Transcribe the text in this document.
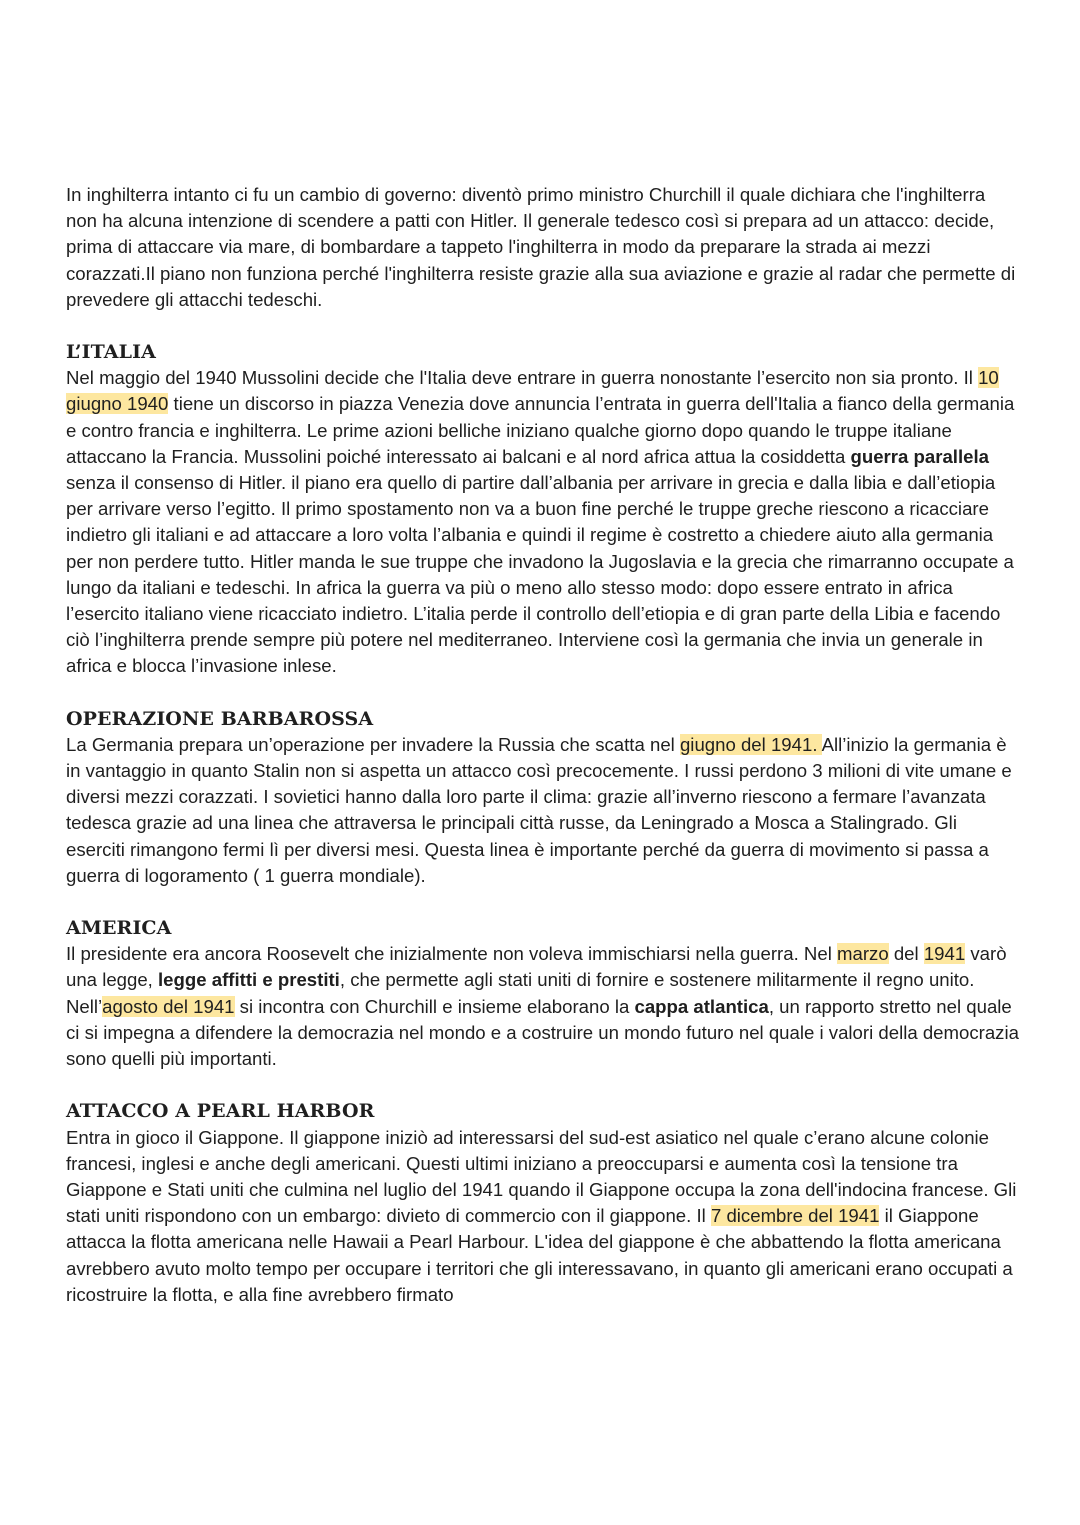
In inghilterra intanto ci fu un cambio di governo: diventò primo ministro Churchill il quale dichiara che l'inghilterra non ha alcuna intenzione di scendere a patti con Hitler. Il generale tedesco così si prepara ad un attacco: decide, prima di attaccare via mare, di bombardare a tappeto l'inghilterra in modo da preparare la strada ai mezzi corazzati.Il piano non funziona perché l'inghilterra resiste grazie alla sua aviazione e grazie al radar che permette di prevedere gli attacchi tedeschi.

L’ITALIA

Nel maggio del 1940 Mussolini decide che l'Italia deve entrare in guerra nonostante l’esercito non sia pronto. Il 10 giugno 1940 tiene un discorso in piazza Venezia dove annuncia l’entrata in guerra dell'Italia a fianco della germania e contro francia e inghilterra. Le prime azioni belliche iniziano qualche giorno dopo quando le truppe italiane attaccano la Francia. Mussolini poiché interessato ai balcani e al nord africa attua la cosiddetta guerra parallela senza il consenso di Hitler. il piano era quello di partire dall’albania per arrivare in grecia e dalla libia e dall’etiopia per arrivare verso l’egitto. Il primo spostamento non va a buon fine perché le truppe greche riescono a ricacciare indietro gli italiani e ad attaccare a loro volta l’albania e quindi il regime è costretto a chiedere aiuto alla germania per non perdere tutto. Hitler manda le sue truppe che invadono la Jugoslavia e la grecia che rimarranno occupate a lungo da italiani e tedeschi. In africa la guerra va più o meno allo stesso modo: dopo essere entrato in africa l’esercito italiano viene ricacciato indietro. L’italia perde il controllo dell’etiopia e di gran parte della Libia e facendo ciò l’inghilterra prende sempre più potere nel mediterraneo. Interviene così la germania che invia un generale in africa e blocca l’invasione inlese.

OPERAZIONE BARBAROSSA

La Germania prepara un’operazione per invadere la Russia che scatta nel giugno del 1941. All’inizio la germania è in vantaggio in quanto Stalin non si aspetta un attacco così precocemente. I russi perdono 3 milioni di vite umane e diversi mezzi corazzati. I sovietici hanno dalla loro parte il clima: grazie all’inverno riescono a fermare l’avanzata tedesca grazie ad una linea che attraversa le principali città russe, da Leningrado a Mosca a Stalingrado. Gli eserciti rimangono fermi lì per diversi mesi. Questa linea è importante perché da guerra di movimento si passa a guerra di logoramento ( 1 guerra mondiale).

AMERICA

Il presidente era ancora Roosevelt che inizialmente non voleva immischiarsi nella guerra. Nel marzo del 1941 varò una legge, legge affitti e prestiti, che permette agli stati uniti di fornire e sostenere militarmente il regno unito. Nell’agosto del 1941 si incontra con Churchill e insieme elaborano la cappa atlantica, un rapporto stretto nel quale ci si impegna a difendere la democrazia nel mondo e a costruire un mondo futuro nel quale i valori della democrazia sono quelli più importanti.

ATTACCO A PEARL HARBOR

Entra in gioco il Giappone. Il giappone iniziò ad interessarsi del sud-est asiatico nel quale c’erano alcune colonie francesi, inglesi e anche degli americani. Questi ultimi iniziano a preoccuparsi e aumenta così la tensione tra Giappone e Stati uniti che culmina nel luglio del 1941 quando il Giappone occupa la zona dell'indocina francese. Gli stati uniti rispondono con un embargo: divieto di commercio con il giappone. Il 7 dicembre del 1941 il Giappone attacca la flotta americana nelle Hawaii a Pearl Harbour. L'idea del giappone è che abbattendo la flotta americana avrebbero avuto molto tempo per occupare i territori che gli interessavano, in quanto gli americani erano occupati a ricostruire la flotta, e alla fine avrebbero firmato
